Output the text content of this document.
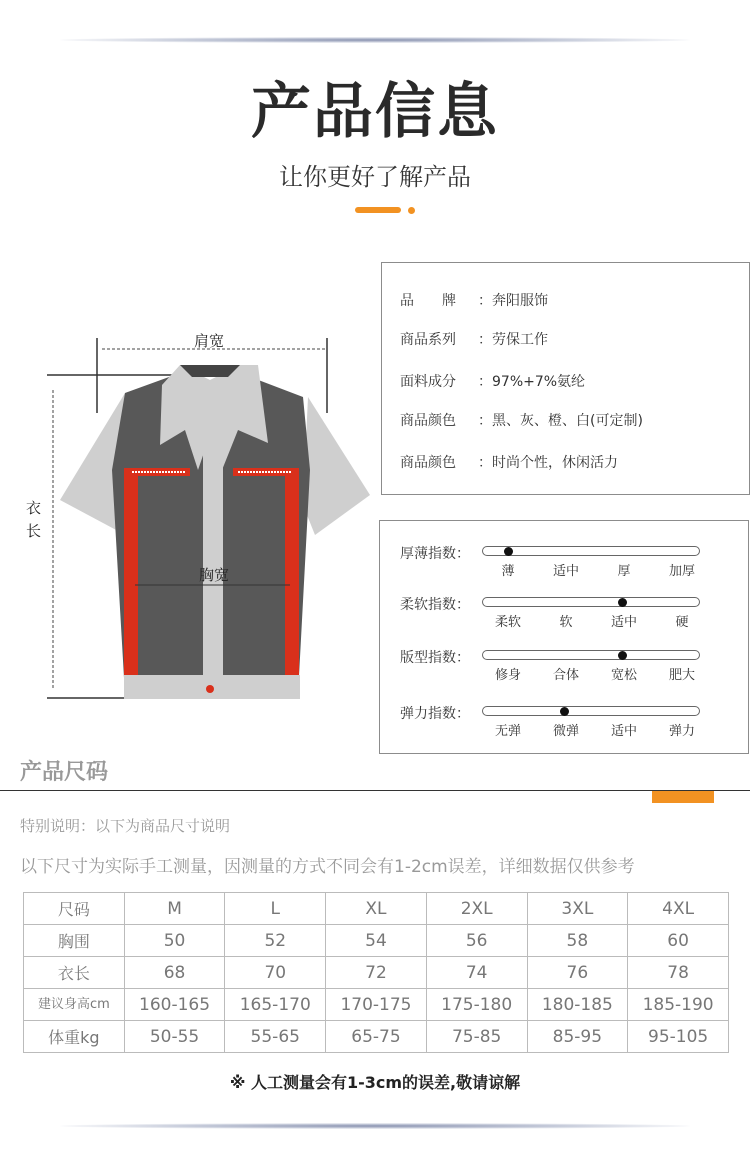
产品信息
让你更好了解产品
肩宽
胸宽
衣
长
品　　牌 ：奔阳服饰
商品系列 ：劳保工作
面料成分 ：97%+7%氨纶
商品颜色 ：黑、灰、橙、白(可定制)
商品颜色 ：时尚个性，休闲活力
厚薄指数：
薄	适中	厚	加厚
柔软指数：
柔软	软	适中	硬
版型指数：
修身	合体	宽松	肥大
弹力指数：
无弹	微弹	适中	弹力
产品尺码
特别说明：以下为商品尺寸说明
以下尺寸为实际手工测量，因测量的方式不同会有1-2cm误差，详细数据仅供参考
尺码	M	L	XL	2XL	3XL	4XL
胸围	50	52	54	56	58	60
衣长	68	70	72	74	76	78
建议身高cm	160-165	165-170	170-175	175-180	180-185	185-190
体重kg	50-55	55-65	65-75	75-85	85-95	95-105
※ 人工测量会有1-3cm的误差,敬请谅解
